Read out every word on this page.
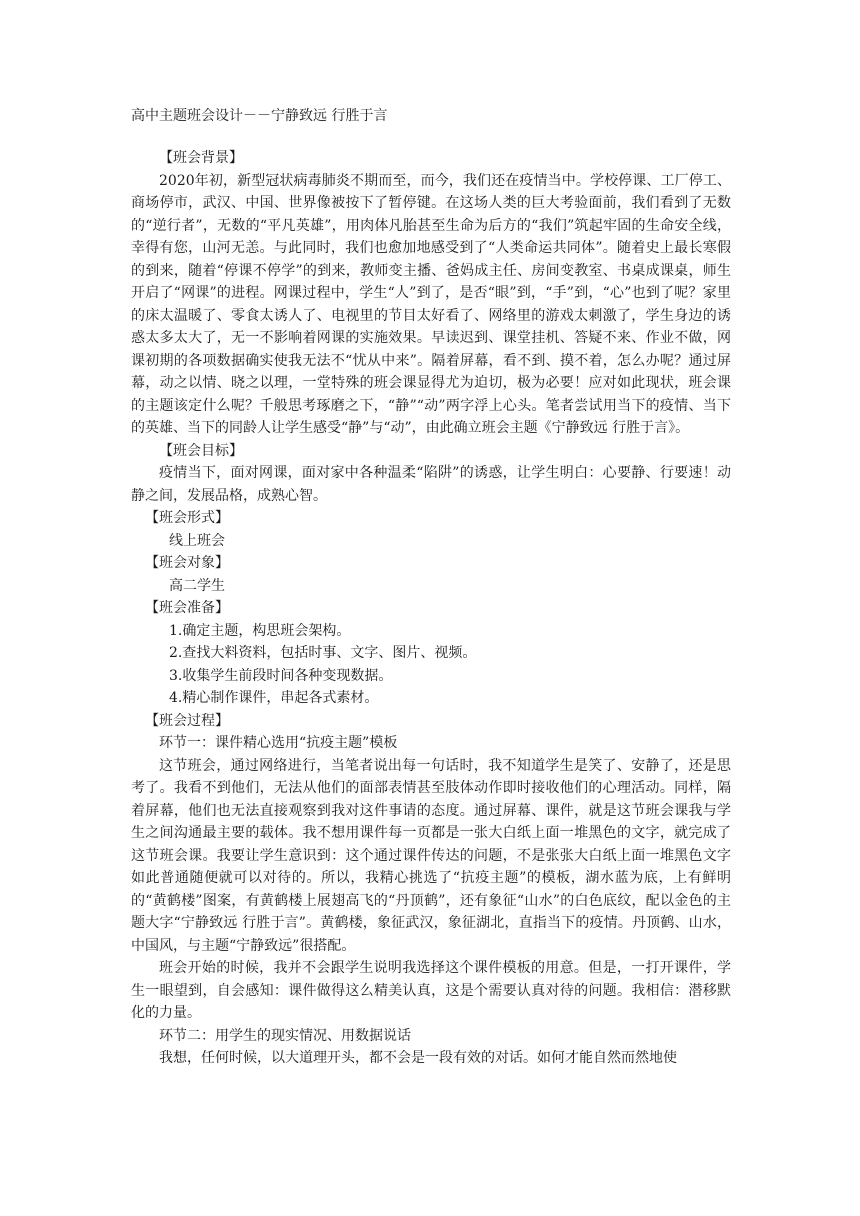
高中主题班会设计－－宁静致远 行胜于言

【班会背景】

2020年初，新型冠状病毒肺炎不期而至，而今，我们还在疫情当中。学校停课、工厂停工、商场停市，武汉、中国、世界像被按下了暂停键。在这场人类的巨大考验面前，我们看到了无数的“逆行者”，无数的“平凡英雄”，用肉体凡胎甚至生命为后方的“我们”筑起牢固的生命安全线，幸得有您，山河无恙。与此同时，我们也愈加地感受到了“人类命运共同体”。随着史上最长寒假的到来，随着“停课不停学”的到来，教师变主播、爸妈成主任、房间变教室、书桌成课桌，师生开启了“网课”的进程。网课过程中，学生“人”到了，是否“眼”到，“手”到，“心”也到了呢？家里的床太温暖了、零食太诱人了、电视里的节目太好看了、网络里的游戏太刺激了，学生身边的诱惑太多太大了，无一不影响着网课的实施效果。早读迟到、课堂挂机、答疑不来、作业不做，网课初期的各项数据确实使我无法不“忧从中来”。隔着屏幕，看不到、摸不着，怎么办呢？通过屏幕，动之以情、晓之以理，一堂特殊的班会课显得尤为迫切，极为必要！应对如此现状，班会课的主题该定什么呢？千般思考琢磨之下，“静”“动”两字浮上心头。笔者尝试用当下的疫情、当下的英雄、当下的同龄人让学生感受“静”与“动”，由此确立班会主题《宁静致远 行胜于言》。

【班会目标】

疫情当下，面对网课，面对家中各种温柔“陷阱”的诱惑，让学生明白：心要静、行要速！动静之间，发展品格，成熟心智。

【班会形式】

线上班会

【班会对象】

高二学生

【班会准备】

1.确定主题，构思班会架构。

2.查找大料资料，包括时事、文字、图片、视频。

3.收集学生前段时间各种变现数据。

4.精心制作课件，串起各式素材。

【班会过程】

环节一：课件精心选用“抗疫主题”模板

这节班会，通过网络进行，当笔者说出每一句话时，我不知道学生是笑了、安静了，还是思考了。我看不到他们，无法从他们的面部表情甚至肢体动作即时接收他们的心理活动。同样，隔着屏幕，他们也无法直接观察到我对这件事请的态度。通过屏幕、课件，就是这节班会课我与学生之间沟通最主要的载体。我不想用课件每一页都是一张大白纸上面一堆黑色的文字，就完成了这节班会课。我要让学生意识到：这个通过课件传达的问题，不是张张大白纸上面一堆黑色文字如此普通随便就可以对待的。所以，我精心挑选了“抗疫主题”的模板，湖水蓝为底，上有鲜明的“黄鹤楼”图案，有黄鹤楼上展翅高飞的“丹顶鹤”，还有象征“山水”的白色底纹，配以金色的主题大字“宁静致远 行胜于言”。黄鹤楼，象征武汉，象征湖北，直指当下的疫情。丹顶鹤、山水，中国风，与主题“宁静致远”很搭配。

班会开始的时候，我并不会跟学生说明我选择这个课件模板的用意。但是，一打开课件，学生一眼望到，自会感知：课件做得这么精美认真，这是个需要认真对待的问题。我相信：潜移默化的力量。

环节二：用学生的现实情况、用数据说话

我想，任何时候，以大道理开头，都不会是一段有效的对话。如何才能自然而然地使
